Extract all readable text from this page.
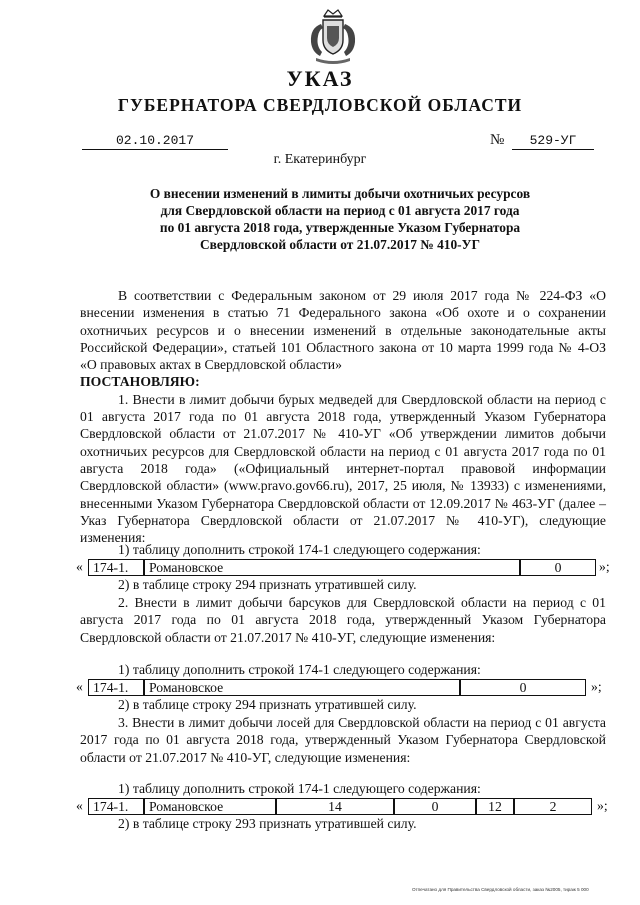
УКАЗ
ГУБЕРНАТОРА СВЕРДЛОВСКОЙ ОБЛАСТИ
02.10.2017	№	529-УГ
г. Екатеринбург
О внесении изменений в лимиты добычи охотничьих ресурсов
для Свердловской области на период с 01 августа 2017 года
по 01 августа 2018 года, утвержденные Указом Губернатора
Свердловской области от 21.07.2017 № 410-УГ

В соответствии с Федеральным законом от 29 июля 2017 года № 224-ФЗ «О внесении изменения в статью 71 Федерального закона «Об охоте и о сохранении охотничьих ресурсов и о внесении изменений в отдельные законодательные акты Российской Федерации», статьей 101 Областного закона от 10 марта 1999 года № 4-ОЗ «О правовых актах в Свердловской области»

ПОСТАНОВЛЯЮ:

1. Внести в лимит добычи бурых медведей для Свердловской области на период с 01 августа 2017 года по 01 августа 2018 года, утвержденный Указом Губернатора Свердловской области от 21.07.2017 № 410-УГ «Об утверждении лимитов добычи охотничьих ресурсов для Свердловской области на период с 01 августа 2017 года по 01 августа 2018 года» («Официальный интернет-портал правовой информации Свердловской области» (www.pravo.gov66.ru), 2017, 25 июля, № 13933) с изменениями, внесенными Указом Губернатора Свердловской области от 12.09.2017 № 463-УГ (далее – Указ Губернатора Свердловской области от 21.07.2017 № 410-УГ), следующие изменения:

1) таблицу дополнить строкой 174-1 следующего содержания:
« 174-1.	Романовское	0	»;
2) в таблице строку 294 признать утратившей силу.

2. Внести в лимит добычи барсуков для Свердловской области на период с 01 августа 2017 года по 01 августа 2018 года, утвержденный Указом Губернатора Свердловской области от 21.07.2017 № 410-УГ, следующие изменения:

1) таблицу дополнить строкой 174-1 следующего содержания:
« 174-1.	Романовское	0	»;
2) в таблице строку 294 признать утратившей силу.

3. Внести в лимит добычи лосей для Свердловской области на период с 01 августа 2017 года по 01 августа 2018 года, утвержденный Указом Губернатора Свердловской области от 21.07.2017 № 410-УГ, следующие изменения:

1) таблицу дополнить строкой 174-1 следующего содержания:
« 174-1.	Романовское	14	0	12	2	»;
2) в таблице строку 293 признать утратившей силу.
Отпечатано для Правительства Свердловской области, заказ №2005, тираж 5 000
